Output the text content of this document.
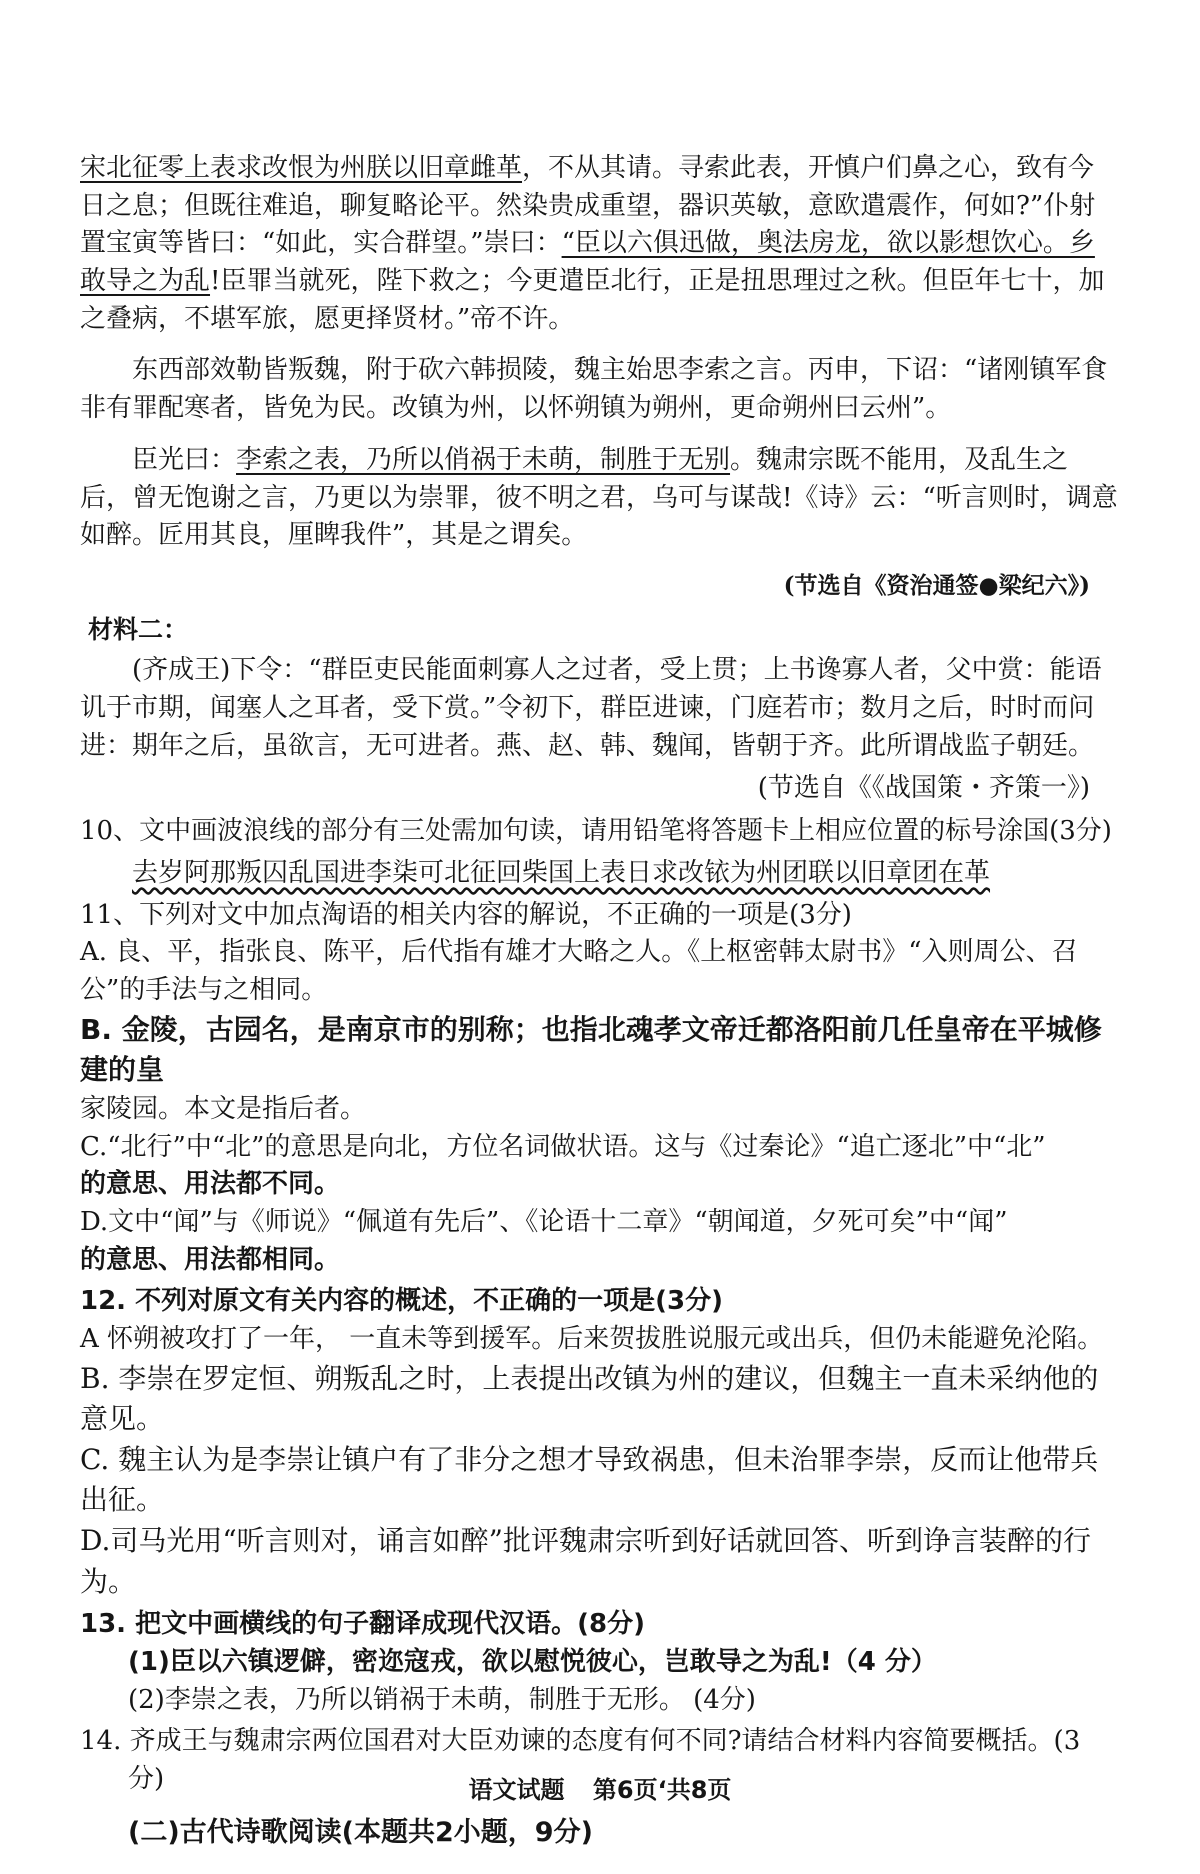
宋北征零上表求改恨为州朕以旧章雌革，不从其请。寻索此表，开慎户们鼻之心，致有今日之息；但既往难追，聊复略论平。然染贵成重望，器识英敏，意欧遣震作，何如?”仆射置宝寅等皆曰：“如此，实合群望。”崇曰：“臣以六俱迅做，奥法房龙，欲以影想饮心。乡敢导之为乱!臣罪当就死，陛下救之；今更遣臣北行，正是扭思理过之秋。但臣年七十，加之叠病，不堪军旅，愿更择贤材。”帝不许。

东西部效勒皆叛魏，附于砍六韩损陵，魏主始思李索之言。丙申，下诏：“诸刚镇军食非有罪配寒者，皆免为民。改镇为州，以怀朔镇为朔州，更命朔州曰云州”。

臣光曰：李索之表，乃所以俏祸于未萌，制胜于无别。魏肃宗既不能用，及乱生之后，曾无饱谢之言，乃更以为崇罪，彼不明之君，乌可与谋哉!《诗》云：“听言则时，调意如醉。匠用其良，厘睥我件”，其是之谓矣。

(节选自《资治通签●梁纪六》)

材料二：

(齐成王)下令：“群臣吏民能面刺寡人之过者，受上贯；上书谗寡人者，父中赏：能语讥于市期，闻塞人之耳者，受下赏。”令初下，群臣进谏，门庭若市；数月之后，时时而问进：期年之后，虽欲言，无可进者。燕、赵、韩、魏闻，皆朝于齐。此所谓战监子朝廷。

(节选自《《战国策・齐策一》)

10、文中画波浪线的部分有三处需加句读，请用铅笔将答题卡上相应位置的标号涂国(3分)

去岁阿那叛囚乱国进李柒可北征回柴国上表日求改铱为州团联以旧章团在革

11、下列对文中加点淘语的相关内容的解说，不正确的一项是(3分)

A. 良、平，指张良、陈平，后代指有雄才大略之人。《上枢密韩太尉书》“入则周公、召公”的手法与之相同。

B. 金陵，古园名，是南京市的别称；也指北魂孝文帝迁都洛阳前几任皇帝在平城修建的皇

家陵园。本文是指后者。

C.“北行”中“北”的意思是向北，方位名词做状语。这与《过秦论》“追亡逐北”中“北”

的意思、用法都不同。

D.文中“闻”与《师说》“佩道有先后”、《论语十二章》“朝闻道，夕死可矣”中“闻”

的意思、用法都相同。

12. 不列对原文有关内容的概述，不正确的一项是(3分)

A 怀朔被攻打了一年， 一直未等到援军。后来贺拔胜说服元或出兵，但仍未能避免沦陷。

B. 李崇在罗定恒、朔叛乱之时，上表提出改镇为州的建议，但魏主一直未采纳他的意见。

C. 魏主认为是李崇让镇户有了非分之想才导致祸患，但未治罪李崇，反而让他带兵出征。

D.司马光用“听言则对，诵言如醉”批评魏肃宗听到好话就回答、听到诤言装醉的行为。

13. 把文中画横线的句子翻译成现代汉语。(8分)

(1)臣以六镇逻僻，密迩寇戎，欲以慰悦彼心，岂敢导之为乱!（4 分）

(2)李崇之表，乃所以销祸于未萌，制胜于无形。 (4分)

14. 齐成王与魏肃宗两位国君对大臣劝谏的态度有何不同?请结合材料内容简要概括。(3

分)

(二)古代诗歌阅读(本题共2小题，9分)

语文试题 第6页‘共8页
